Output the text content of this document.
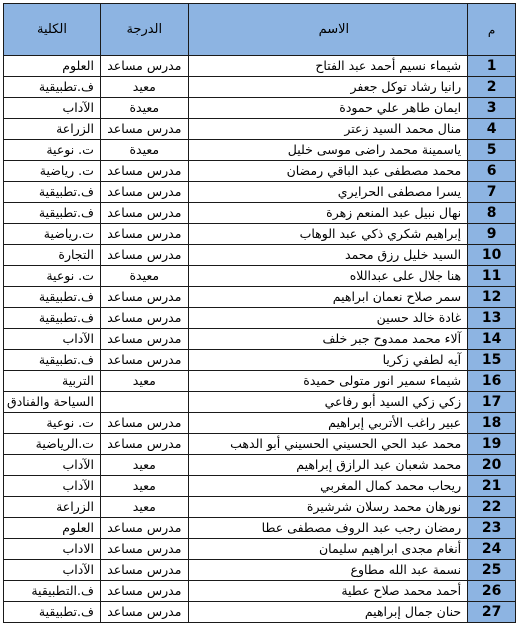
م	الاسم	الدرجة	الكلية
1	شيماء نسيم أحمد عبد الفتاح	مدرس مساعد	العلوم
2	رانيا رشاد توكل جعفر	معيد	ف.تطبيقية
3	ايمان طاهر علي حمودة	معيدة	الآداب
4	منال محمد السيد زعتر	مدرس مساعد	الزراعة
5	ياسمينة محمد راضى موسى خليل	معيدة	ت. نوعية
6	محمد مصطفى عبد الباقي رمضان	مدرس مساعد	ت. رياضية
7	يسرا مصطفى الحرايري	مدرس مساعد	ف.تطبيقية
8	نهال نبيل عبد المنعم زهرة	مدرس مساعد	ف.تطبيقية
9	إبراهيم شكري ذكي عبد الوهاب	مدرس مساعد	ت.رياضية
10	السيد خليل رزق محمد	مدرس مساعد	التجارة
11	هنا جلال على عبداللاه	معيدة	ت. نوعية
12	سمر صلاح نعمان ابراهيم	مدرس مساعد	ف.تطبيقية
13	غادة خالد حسين	مدرس مساعد	ف.تطبيقية
14	آلاء محمد ممدوح جبر خلف	مدرس مساعد	الآداب
15	آيه لطفي زكريا	مدرس مساعد	ف.تطبيقية
16	شيماء سمير انور متولى حميدة	معيد	التربية
17	زكي زكي السيد أبو رفاعي		السياحة والفنادق
18	عبير راغب الأتربي إبراهيم	مدرس مساعد	ت. نوعية
19	محمد عبد الحي الحسيني الحسيني أبو الدهب	مدرس مساعد	ت.الرياضية
20	محمد شعبان عبد الرازق إبراهيم	معيد	الآداب
21	ريحاب محمد كمال المغربي	معيد	الآداب
22	نورهان محمد رسلان شرشيرة	معيد	الزراعة
23	رمضان رجب عبد الروف مصطفى عطا	مدرس مساعد	العلوم
24	أنغام مجدى ابراهيم سليمان	مدرس مساعد	الاداب
25	نسمة عبد الله مطاوع	مدرس مساعد	الآداب
26	أحمد محمد صلاح عطية	مدرس مساعد	ف.التطبيقية
27	حنان جمال إبراهيم	مدرس مساعد	ف.تطبيقية
